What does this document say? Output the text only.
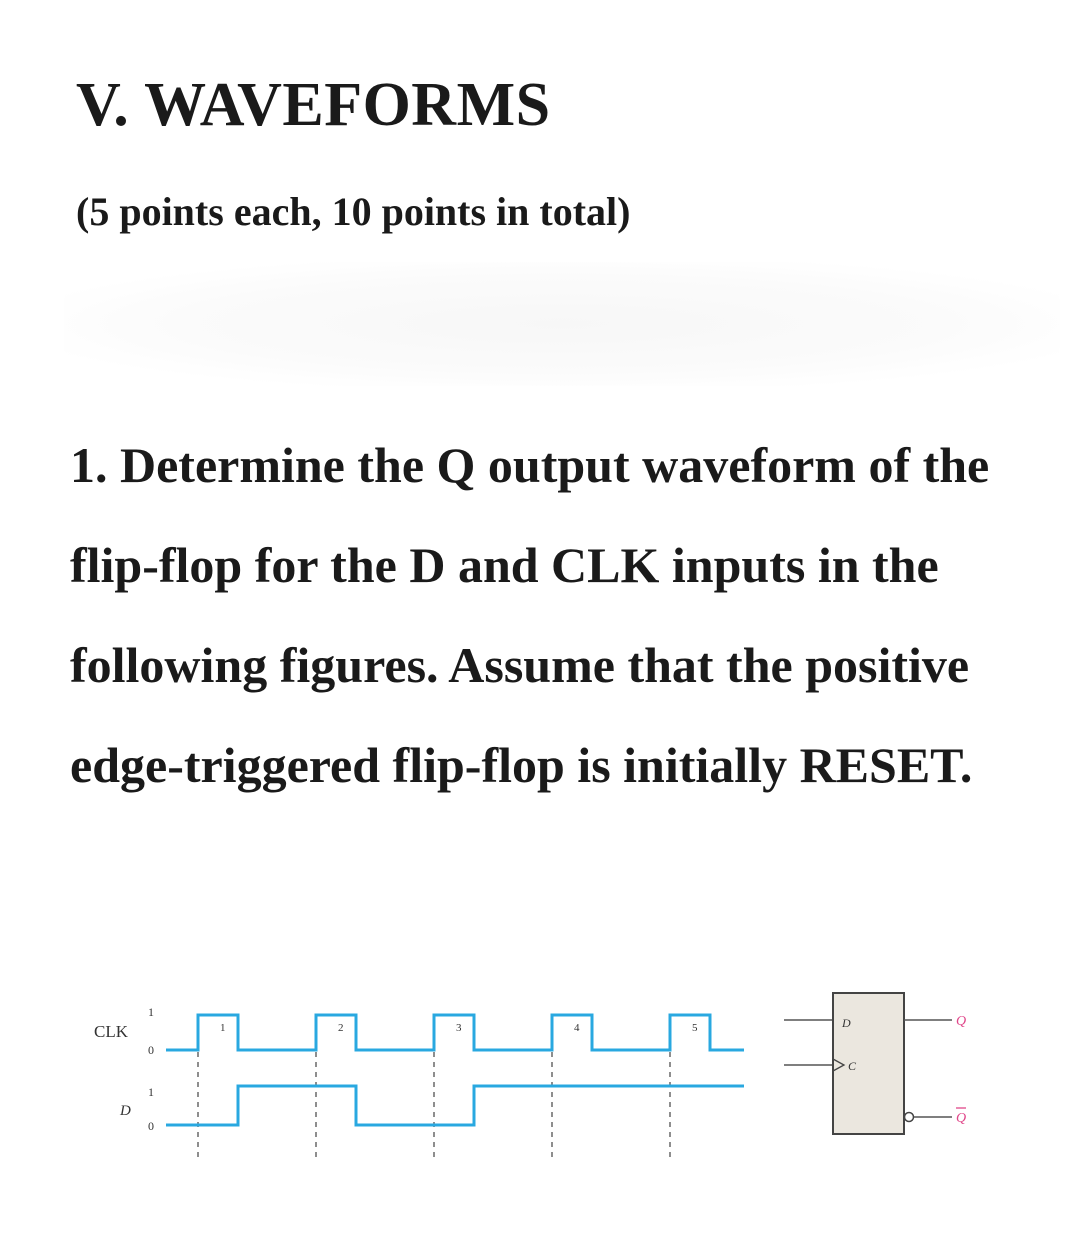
V. WAVEFORMS
(5 points each, 10 points in total)

1. Determine the Q output waveform of the flip-flop for the D and CLK inputs in the following figures. Assume that the positive edge-triggered flip-flop is initially RESET.

CLK
1
0
D
1
0
1	2	3	4	5	D
C
Q
Q
